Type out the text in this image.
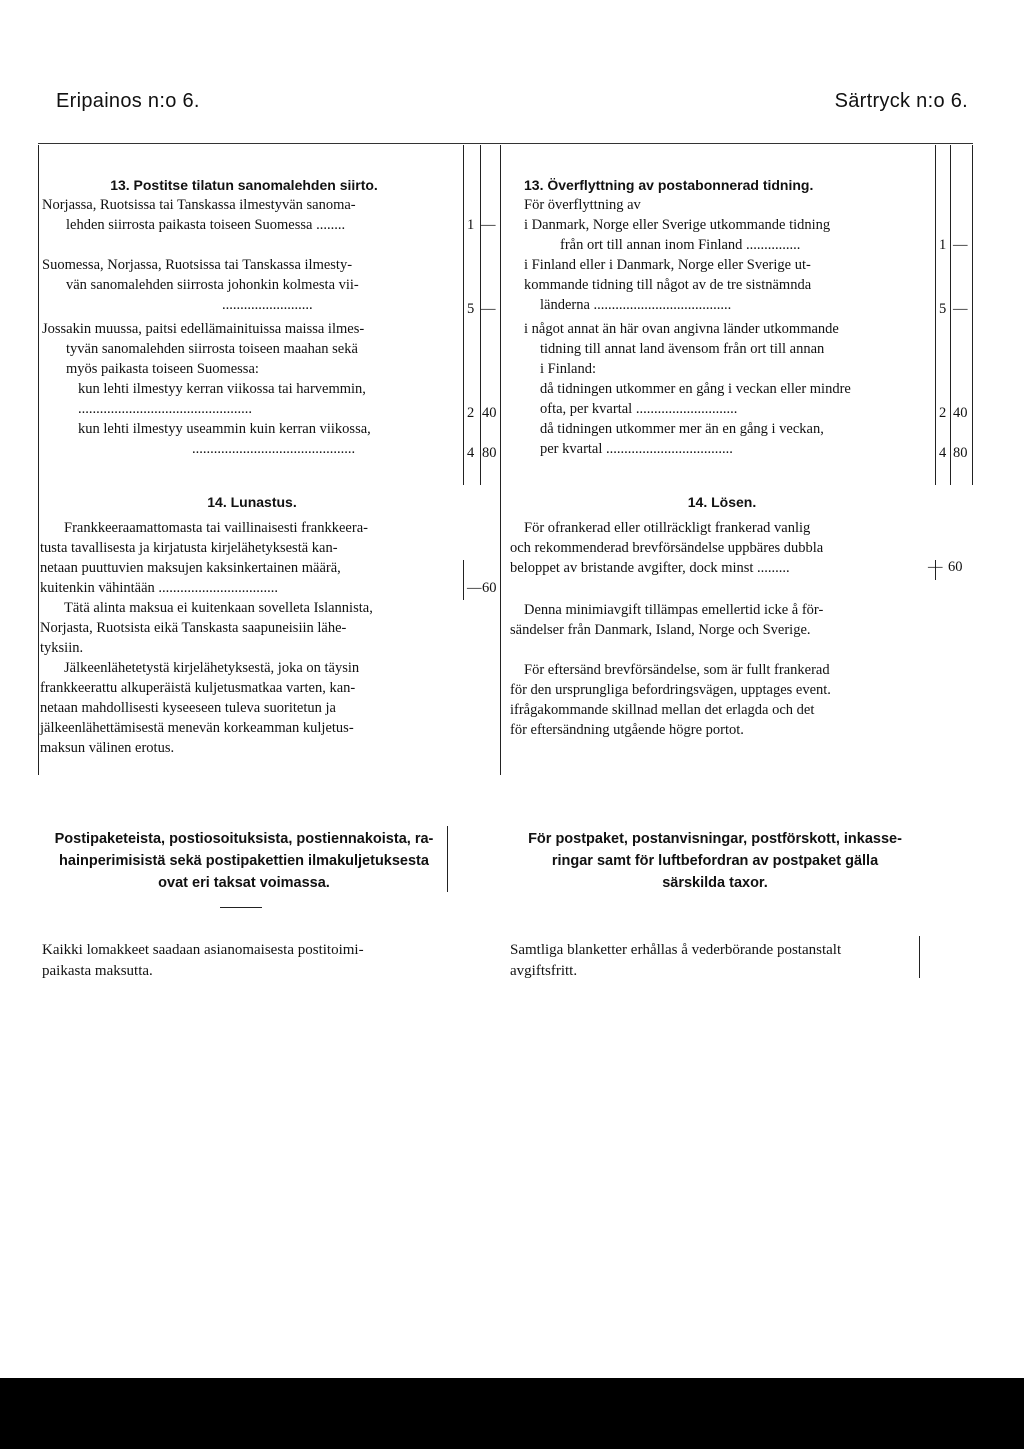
Eripainos n:o 6.	Särtryck n:o 6.
13. Postitse tilatun sanomalehden siirto.
Norjassa, Ruotsissa tai Tanskassa ilmestyvän sanoma-
lehden siirrosta paikasta toiseen Suomessa ........
Suomessa, Norjassa, Ruotsissa tai Tanskassa ilmesty-
vän sanomalehden siirrosta johonkin kolmesta vii-
.........................
Jossakin muussa, paitsi edellämainituissa maissa ilmes-
tyvän sanomalehden siirrosta toiseen maahan sekä
myös paikasta toiseen Suomessa:
kun lehti ilmestyy kerran viikossa tai harvemmin,
................................................
kun lehti ilmestyy useammin kuin kerran viikossa,
.............................................
1 —
5 —
2 40
4 80
13. Överflyttning av postabonnerad tidning.
För överflyttning av
i Danmark, Norge eller Sverige utkommande tidning
från ort till annan inom Finland ...............
i Finland eller i Danmark, Norge eller Sverige ut-
kommande tidning till något av de tre sistnämnda
länderna ......................................
i något annat än här ovan angivna länder utkommande
tidning till annat land ävensom från ort till annan
i Finland:
då tidningen utkommer en gång i veckan eller mindre
ofta, per kvartal ............................
då tidningen utkommer mer än en gång i veckan,
per kvartal ...................................
1 —
5 —
2 40
4 80
14. Lunastus.
Frankkeeraamattomasta tai vaillinaisesti frankkeera-
tusta tavallisesta ja kirjatusta kirjelähetyksestä kan-
netaan puuttuvien maksujen kaksinkertainen määrä,
kuitenkin vähintään .................................
Tätä alinta maksua ei kuitenkaan sovelleta Islannista,
Norjasta, Ruotsista eikä Tanskasta saapuneisiin lähe-
tyksiin.
Jälkeenlähetetystä kirjelähetyksestä, joka on täysin
frankkeerattu alkuperäistä kuljetusmatkaa varten, kan-
netaan mahdollisesti kyseeseen tuleva suoritetun ja
jälkeenlähettämisestä menevän korkeamman kuljetus-
maksun välinen erotus.
— 60
14. Lösen.
För ofrankerad eller otillräckligt frankerad vanlig
och rekommenderad brevförsändelse uppbäres dubbla
beloppet av bristande avgifter, dock minst .........
Denna minimiavgift tillämpas emellertid icke å för-
sändelser från Danmark, Island, Norge och Sverige.
För eftersänd brevförsändelse, som är fullt frankerad
för den ursprungliga befordringsvägen, upptages event.
ifrågakommande skillnad mellan det erlagda och det
för eftersändning utgående högre portot.
— 60
Postipaketeista, postiosoituksista, postiennakoista, ra-
hainperimisistä sekä postipakettien ilmakuljetuksesta
ovat eri taksat voimassa.
För postpaket, postanvisningar, postförskott, inkasse-
ringar samt för luftbefordran av postpaket gälla
särskilda taxor.
Kaikki lomakkeet saadaan asianomaisesta postitoimi-
paikasta maksutta.
Samtliga blanketter erhållas å vederbörande postanstalt
avgiftsfritt.
